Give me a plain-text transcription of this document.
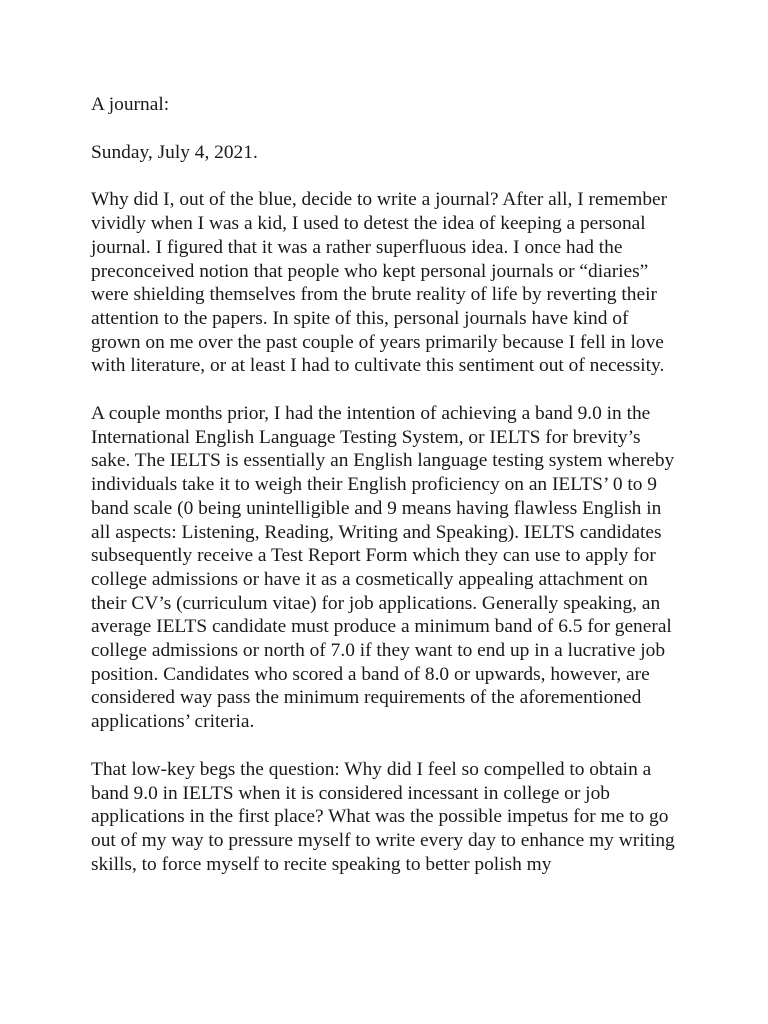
A journal:

Sunday, July 4, 2021.

Why did I, out of the blue, decide to write a journal? After all, I remember vividly when I was a kid, I used to detest the idea of keeping a personal journal. I figured that it was a rather superfluous idea. I once had the preconceived notion that people who kept personal journals or “diaries” were shielding themselves from the brute reality of life by reverting their attention to the papers. In spite of this, personal journals have kind of grown on me over the past couple of years primarily because I fell in love with literature, or at least I had to cultivate this sentiment out of necessity.

A couple months prior, I had the intention of achieving a band 9.0 in the International English Language Testing System, or IELTS for brevity’s sake. The IELTS is essentially an English language testing system whereby individuals take it to weigh their English proficiency on an IELTS’ 0 to 9 band scale (0 being unintelligible and 9 means having flawless English in all aspects: Listening, Reading, Writing and Speaking). IELTS candidates subsequently receive a Test Report Form which they can use to apply for college admissions or have it as a cosmetically appealing attachment on their CV’s (curriculum vitae) for job applications. Generally speaking, an average IELTS candidate must produce a minimum band of 6.5 for general college admissions or north of 7.0 if they want to end up in a lucrative job position. Candidates who scored a band of 8.0 or upwards, however, are considered way pass the minimum requirements of the aforementioned applications’ criteria.

That low-key begs the question: Why did I feel so compelled to obtain a band 9.0 in IELTS when it is considered incessant in college or job applications in the first place? What was the possible impetus for me to go out of my way to pressure myself to write every day to enhance my writing skills, to force myself to recite speaking to better polish my
